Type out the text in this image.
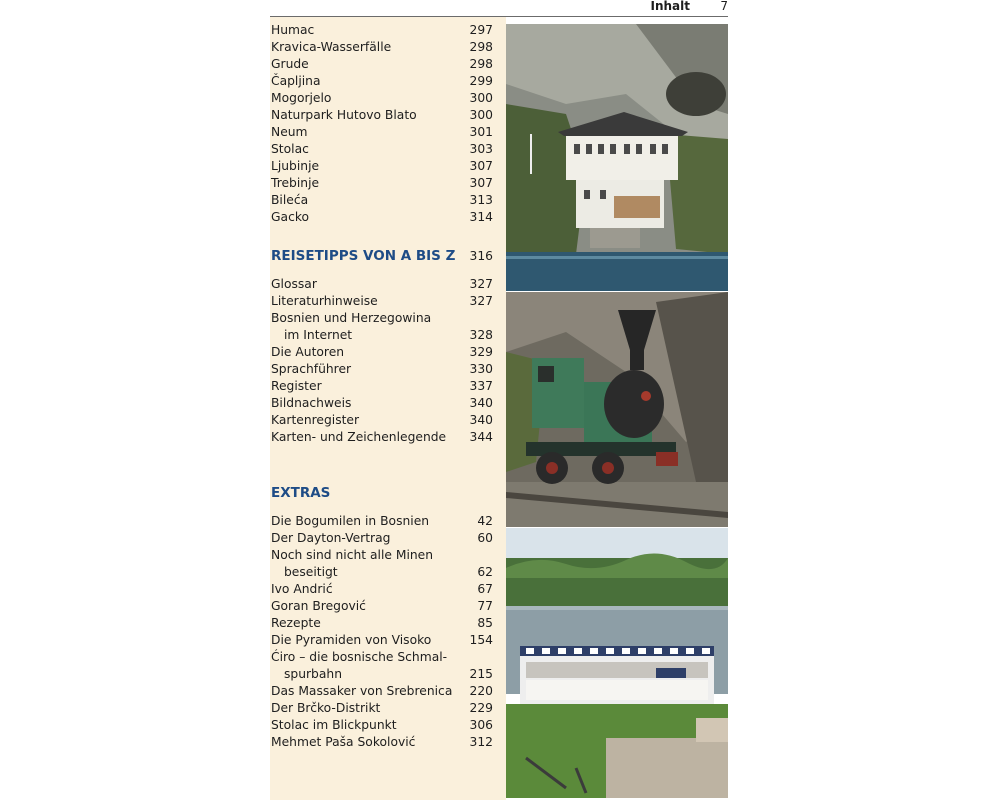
Inhalt	7
Humac	297
Kravica-Wasserfälle	298
Grude	298
Čapljina	299
Mogorjelo	300
Naturpark Hutovo Blato	300
Neum	301
Stolac	303
Ljubinje	307
Trebinje	307
Bileća	313
Gacko	314
REISETIPPS VON A BIS Z 316
Glossar	327
Literaturhinweise	327
Bosnien und Herzegowina
im Internet	328
Die Autoren	329
Sprachführer	330
Register	337
Bildnachweis	340
Kartenregister	340
Karten- und Zeichenlegende 344
EXTRAS
Die Bogumilen in Bosnien	42
Der Dayton-Vertrag	60
Noch sind nicht alle Minen
beseitigt	62
Ivo Andrić	67
Goran Bregović	77
Rezepte	85
Die Pyramiden von Visoko	154
Ćiro – die bosnische Schmal-
spurbahn	215
Das Massaker von Srebrenica 220
Der Brčko-Distrikt	229
Stolac im Blickpunkt	306
Mehmet Paša Sokolović	312
